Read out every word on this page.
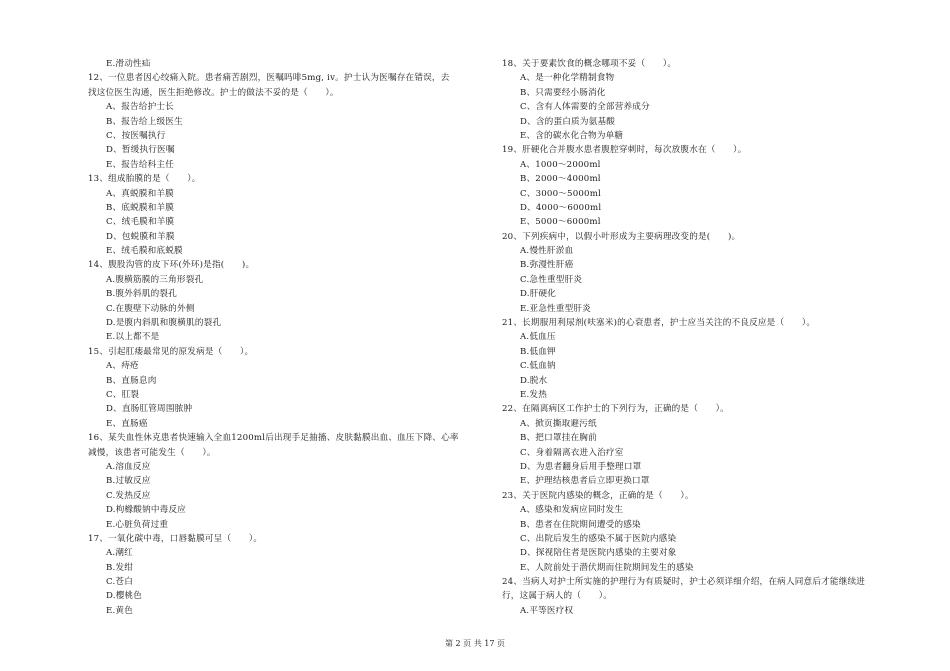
E.滑动性疝
12、一位患者因心绞痛入院。患者痛苦剧烈，医嘱吗啡5mg, iv。护士认为医嘱存在错误，去
找这位医生沟通，医生拒绝修改。护士的做法不妥的是（　　）。
A、报告给护士长
B、报告给上级医生
C、按医嘱执行
D、暂缓执行医嘱
E、报告给科主任
13、组成胎膜的是（　　）。
A、真蜕膜和羊膜
B、底蜕膜和羊膜
C、绒毛膜和羊膜
D、包蜕膜和羊膜
E、绒毛膜和底蜕膜
14、腹股沟管的皮下环(外环)是指(　　)。
A.腹横筋膜的三角形裂孔
B.腹外斜肌的裂孔
C.在腹壁下动脉的外侧
D.是腹内斜肌和腹横肌的裂孔
E.以上都不是
15、引起肛瘘最常见的原发病是（　　）。
A、痔疮
B、直肠息肉
C、肛裂
D、直肠肛管周围脓肿
E、直肠癌
16、某失血性休克患者快速输入全血1200ml后出现手足抽搐、皮肤黏膜出血、血压下降、心率
减慢，该患者可能发生（　　）。
A.溶血反应
B.过敏反应
C.发热反应
D.枸橼酸钠中毒反应
E.心脏负荷过重
17、一氧化碳中毒，口唇黏膜可呈（　　）。
A.潮红
B.发绀
C.苍白
D.樱桃色
E.黄色
18、关于要素饮食的概念哪项不妥（　　）。
A、是一种化学精制食物
B、只需要经小肠消化
C、含有人体需要的全部营养成分
D、含的蛋白质为氨基酸
E、含的碳水化合物为单糖
19、肝硬化合并腹水患者腹腔穿刺时，每次放腹水在（　　）。
A、1000～2000ml
B、2000～4000ml
C、3000～5000ml
D、4000～6000ml
E、5000～6000ml
20、下列疾病中，以假小叶形成为主要病理改变的是(　　)。
A.慢性肝淤血
B.弥漫性肝癌
C.急性重型肝炎
D.肝硬化
E.亚急性重型肝炎
21、长期服用利尿剂(呋塞米)的心衰患者，护士应当关注的不良反应是（　　）。
A.低血压
B.低血钾
C.低血钠
D.脱水
E.发热
22、在隔离病区工作护士的下列行为，正确的是（　　）。
A、掀页撕取避污纸
B、把口罩挂在胸前
C、身着隔离衣进入治疗室
D、为患者翻身后用手整理口罩
E、护理结核患者后立即更换口罩
23、关于医院内感染的概念，正确的是（　　）。
A、感染和发病应同时发生
B、患者在住院期间遭受的感染
C、出院后发生的感染不属于医院内感染
D、探视陪住者是医院内感染的主要对象
E、人院前处于潜伏期而住院期间发生的感染
24、当病人对护士所实施的护理行为有质疑时，护士必须详细介绍，在病人同意后才能继续进
行，这属于病人的（　　）。
A.平等医疗权
第 2 页 共 17 页
